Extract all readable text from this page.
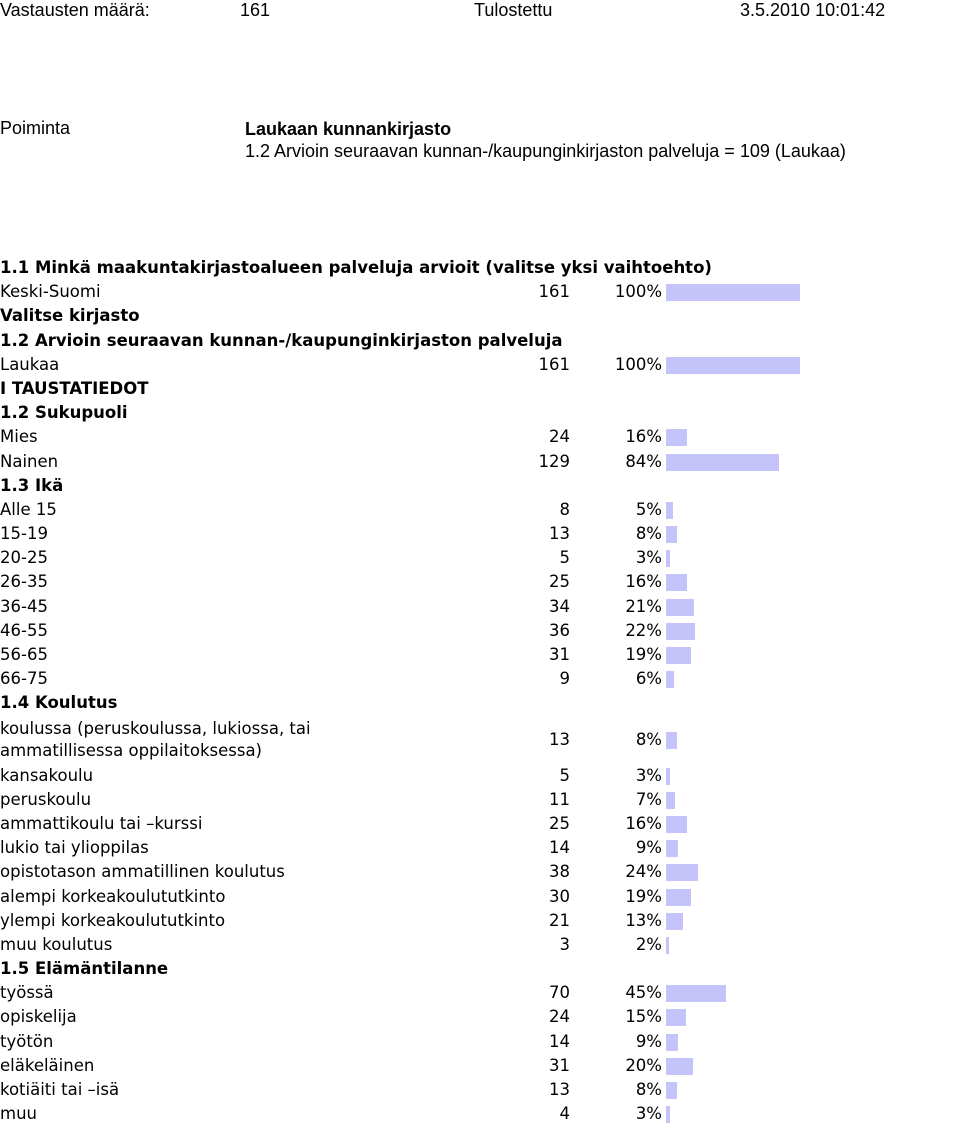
Vastausten määrä:	161	Tulostettu	3.5.2010 10:01:42
Poiminta	Laukaan kunnankirjasto
1.2 Arvioin seuraavan kunnan-/kaupunginkirjaston palveluja = 109 (Laukaa)
1.1 Minkä maakuntakirjastoalueen palveluja arvioit (valitse yksi vaihtoehto)
Keski-Suomi	161	100%
Valitse kirjasto
1.2 Arvioin seuraavan kunnan-/kaupunginkirjaston palveluja
Laukaa	161	100%
I TAUSTATIEDOT
1.2 Sukupuoli
Mies	24	16%
Nainen	129	84%
1.3 Ikä
Alle 15	8	5%
15-19	13	8%
20-25	5	3%
26-35	25	16%
36-45	34	21%
46-55	36	22%
56-65	31	19%
66-75	9	6%
1.4 Koulutus
koulussa (peruskoulussa, lukiossa, tai
ammatillisessa oppilaitoksessa)
13	8%
kansakoulu	5	3%
peruskoulu	11	7%
ammattikoulu tai –kurssi	25	16%
lukio tai ylioppilas	14	9%
opistotason ammatillinen koulutus	38	24%
alempi korkeakoulututkinto	30	19%
ylempi korkeakoulututkinto	21	13%
muu koulutus	3	2%
1.5 Elämäntilanne
työssä	70	45%
opiskelija	24	15%
työtön	14	9%
eläkeläinen	31	20%
kotiäiti tai –isä	13	8%
muu	4	3%
